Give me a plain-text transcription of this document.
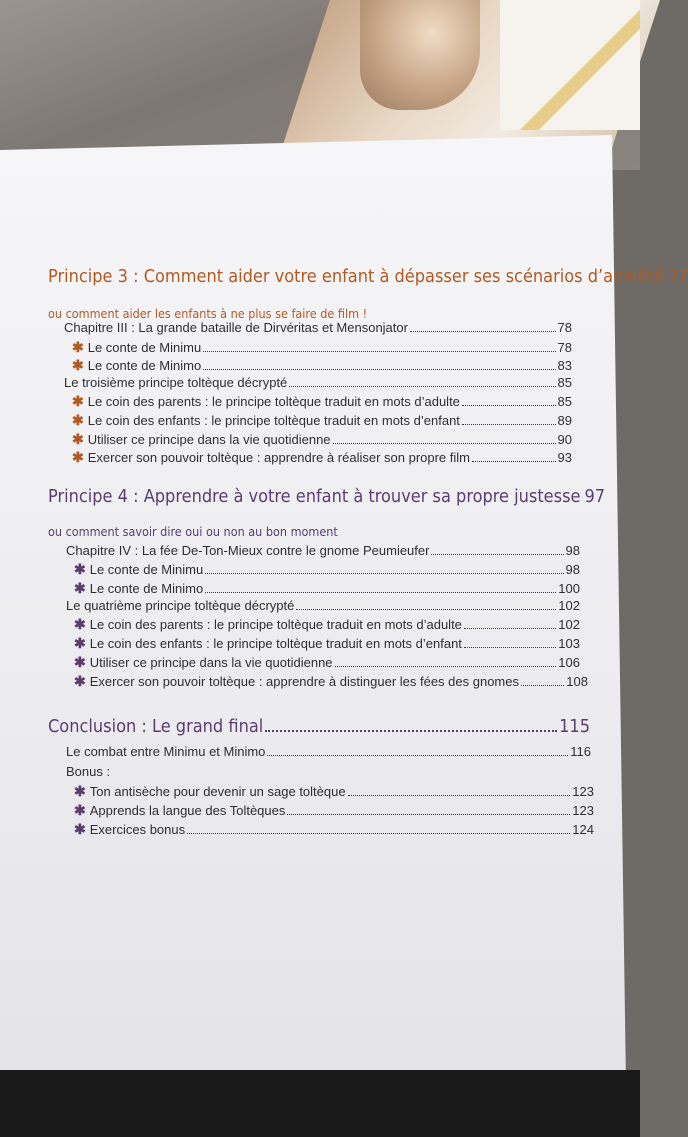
Principe 3 : Comment aider votre enfant à dépasser ses scénarios d’anxiété 77
ou comment aider les enfants à ne plus se faire de film !
Chapitre III : La grande bataille de Dirvéritas et Mensonjator	78
✱ Le conte de Minimu	78
✱ Le conte de Minimo	83
Le troisième principe toltèque décrypté	85
✱ Le coin des parents : le principe toltèque traduit en mots d’adulte	85
✱ Le coin des enfants : le principe toltèque traduit en mots d’enfant	89
✱ Utiliser ce principe dans la vie quotidienne	90
✱ Exercer son pouvoir toltèque : apprendre à réaliser son propre film	93
Principe 4 : Apprendre à votre enfant à trouver sa propre justesse 97
ou comment savoir dire oui ou non au bon moment
Chapitre IV : La fée De-Ton-Mieux contre le gnome Peumieufer	98
✱ Le conte de Minimu	98
✱ Le conte de Minimo	100
Le quatrième principe toltèque décrypté	102
✱ Le coin des parents : le principe toltèque traduit en mots d’adulte	102
✱ Le coin des enfants : le principe toltèque traduit en mots d’enfant	103
✱ Utiliser ce principe dans la vie quotidienne	106
✱ Exercer son pouvoir toltèque : apprendre à distinguer les fées des gnomes	108
Conclusion : Le grand final	115
Le combat entre Minimu et Minimo	116
Bonus :
✱ Ton antisèche pour devenir un sage toltèque	123
✱ Apprends la langue des Toltèques	123
✱ Exercices bonus	124
